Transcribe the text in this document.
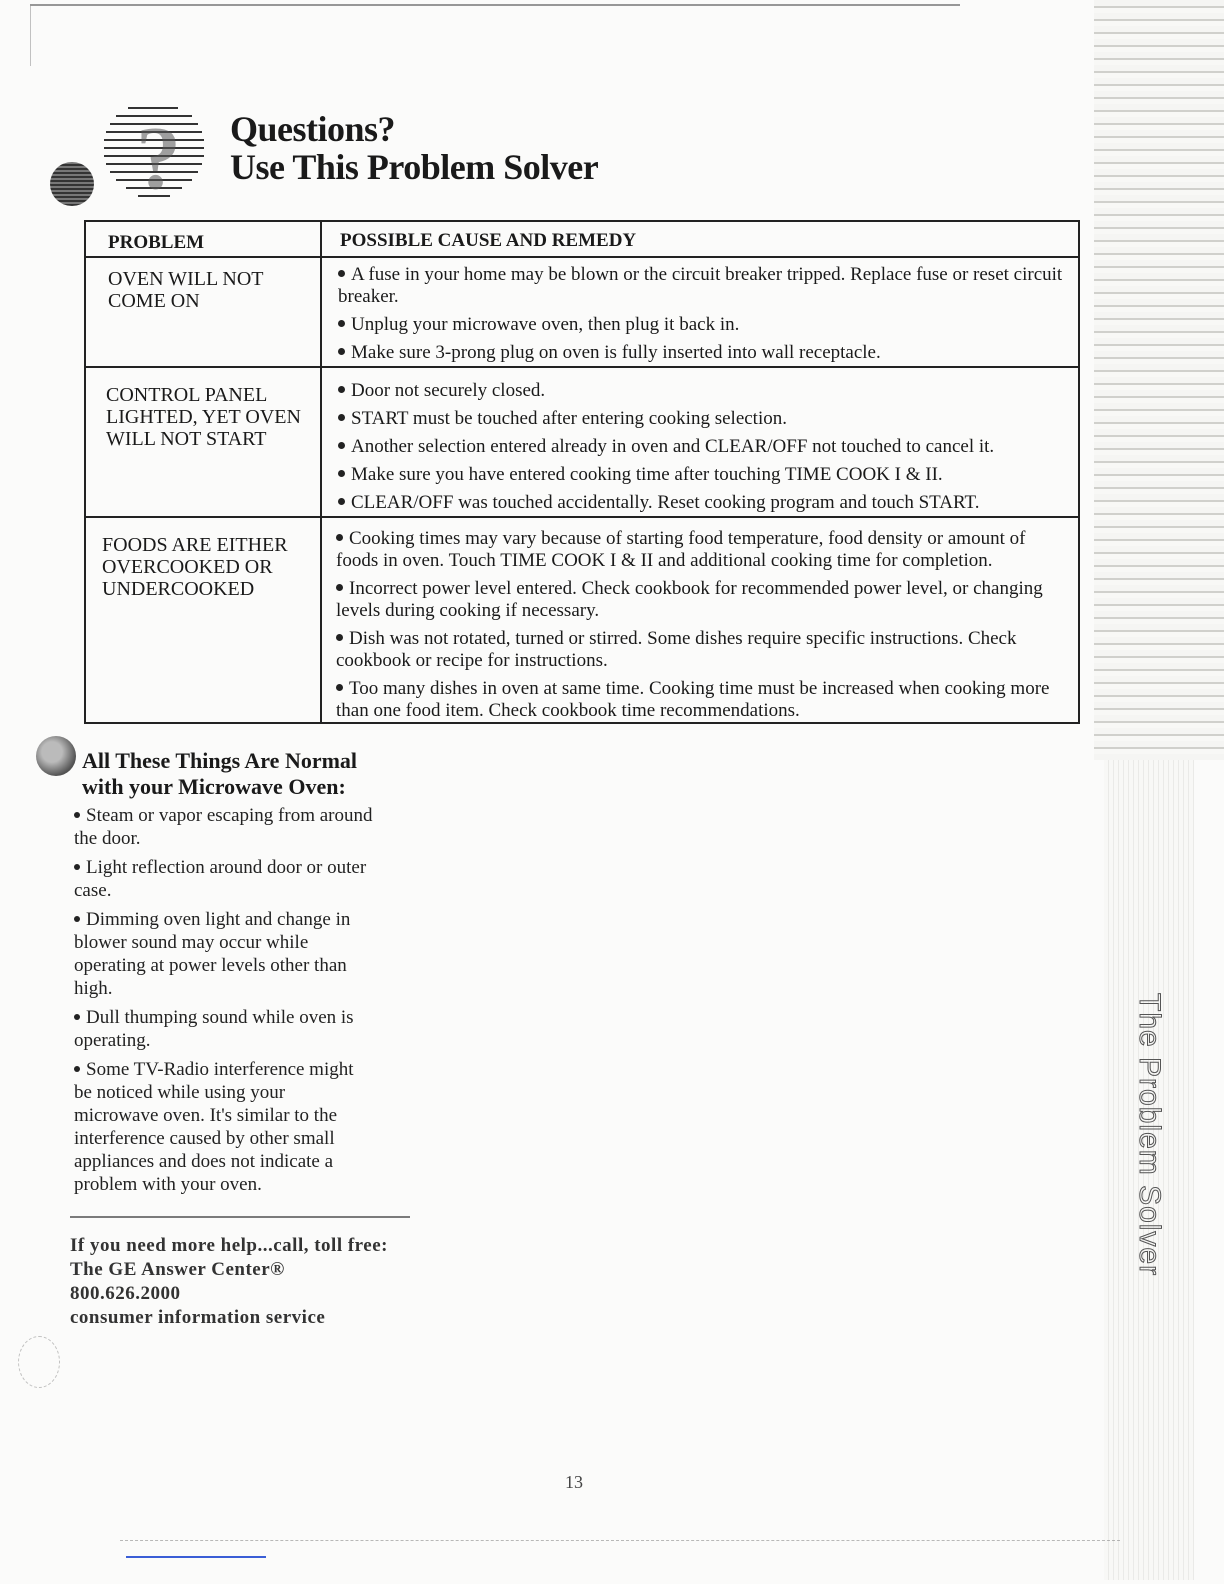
? Questions?
Use This Problem Solver
PROBLEM	POSSIBLE CAUSE AND REMEDY
OVEN WILL NOT
COME ON

A fuse in your home may be blown or the circuit breaker tripped. Replace fuse or reset circuit breaker.

Unplug your microwave oven, then plug it back in.

Make sure 3-prong plug on oven is fully inserted into wall receptacle.

CONTROL PANEL
LIGHTED, YET OVEN
WILL NOT START

Door not securely closed.

START must be touched after entering cooking selection.

Another selection entered already in oven and CLEAR/OFF not touched to cancel it.

Make sure you have entered cooking time after touching TIME COOK I & II.

CLEAR/OFF was touched accidentally. Reset cooking program and touch START.

FOODS ARE EITHER
OVERCOOKED OR
UNDERCOOKED

Cooking times may vary because of starting food temperature, food density or amount of foods in oven. Touch TIME COOK I & II and additional cooking time for completion.

Incorrect power level entered. Check cookbook for recommended power level, or changing levels during cooking if necessary.

Dish was not rotated, turned or stirred. Some dishes require specific instructions. Check cookbook or recipe for instructions.

Too many dishes in oven at same time. Cooking time must be increased when cooking more than one food item. Check cookbook time recommendations.

All These Things Are Normal
with your Microwave Oven:

Steam or vapor escaping from around the door.

Light reflection around door or outer case.

Dimming oven light and change in blower sound may occur while operating at power levels other than high.

Dull thumping sound while oven is operating.

Some TV-Radio interference might be noticed while using your microwave oven. It's similar to the interference caused by other small appliances and does not indicate a problem with your oven.

If you need more help...call, toll free:
The GE Answer Center®
800.626.2000
consumer information service
13
The Problem Solver
